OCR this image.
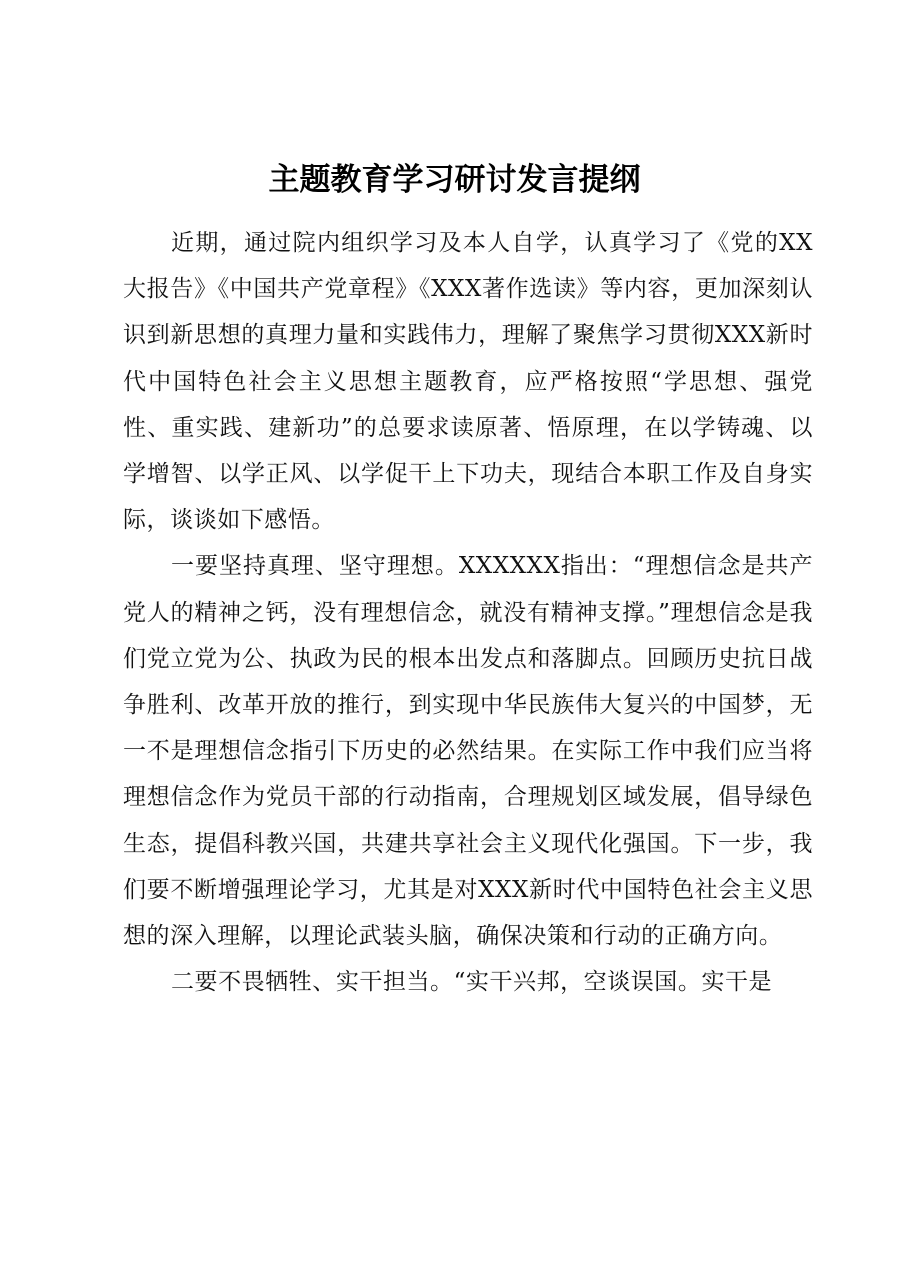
主题教育学习研讨发言提纲

近期，通过院内组织学习及本人自学，认真学习了《党的XX大报告》《中国共产党章程》《XXX著作选读》等内容，更加深刻认识到新思想的真理力量和实践伟力，理解了聚焦学习贯彻XXX新时代中国特色社会主义思想主题教育，应严格按照“学思想、强党性、重实践、建新功”的总要求读原著、悟原理，在以学铸魂、以学增智、以学正风、以学促干上下功夫，现结合本职工作及自身实际，谈谈如下感悟。

一要坚持真理、坚守理想。XXXXXX指出：“理想信念是共产党人的精神之钙，没有理想信念，就没有精神支撑。”理想信念是我们党立党为公、执政为民的根本出发点和落脚点。回顾历史抗日战争胜利、改革开放的推行，到实现中华民族伟大复兴的中国梦，无一不是理想信念指引下历史的必然结果。在实际工作中我们应当将理想信念作为党员干部的行动指南，合理规划区域发展，倡导绿色生态，提倡科教兴国，共建共享社会主义现代化强国。下一步，我们要不断增强理论学习，尤其是对XXX新时代中国特色社会主义思想的深入理解，以理论武装头脑，确保决策和行动的正确方向。

二要不畏牺牲、实干担当。“实干兴邦，空谈误国。实干是
